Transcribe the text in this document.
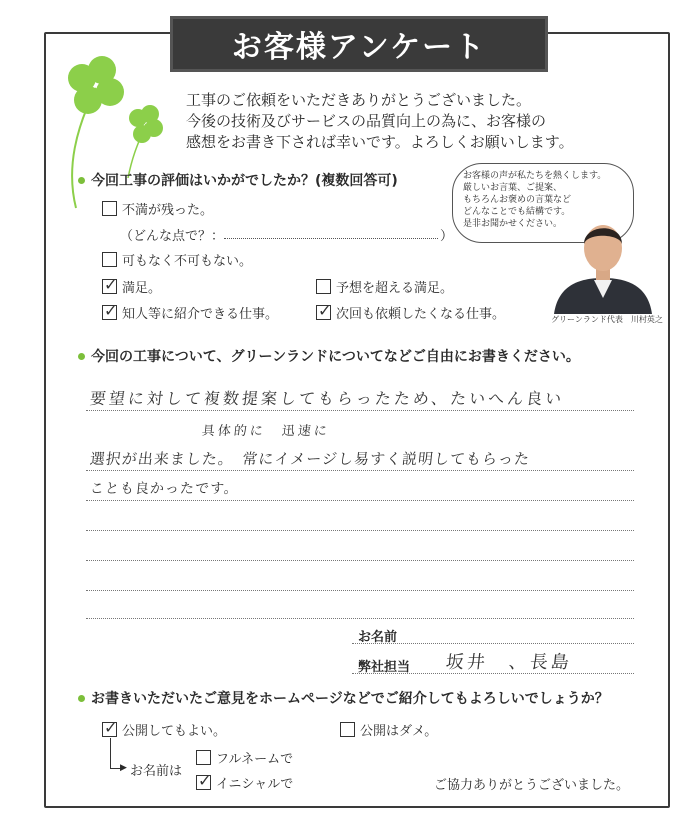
お客様アンケート
工事のご依頼をいただきありがとうございました。
今後の技術及びサービスの品質向上の為に、お客様の
感想をお書き下されば幸いです。よろしくお願いします。
今回工事の評価はいかがでしたか？(複数回答可)
不満が残った。
（どんな点で？：	）
可もなく不可もない。
✓
満足。	予想を超える満足。
✓
知人等に紹介できる仕事。
✓	次回も依頼したくなる仕事。
お客様の声が私たちを熱くします。
厳しいお言葉、ご提案、
もちろんお褒めの言葉など
どんなことでも結構です。
是非お聞かせください。
グリーンランド代表　川村英之
今回の工事について、グリーンランドについてなどご自由にお書きください。
要望に対して複数提案してもらったため、たいへん良い
具体的に　迅速に
選択が出来ました。　常にイメージし易すく説明してもらった
ことも良かったです。
お名前
弊社担当 坂井　、長島
お書きいただいたご意見をホームページなどでご紹介してもよろしいでしょうか？
✓
公開してもよい。	公開はダメ。
▶ お名前は
フルネームで
✓
イニシャルで	ご協力ありがとうございました。
